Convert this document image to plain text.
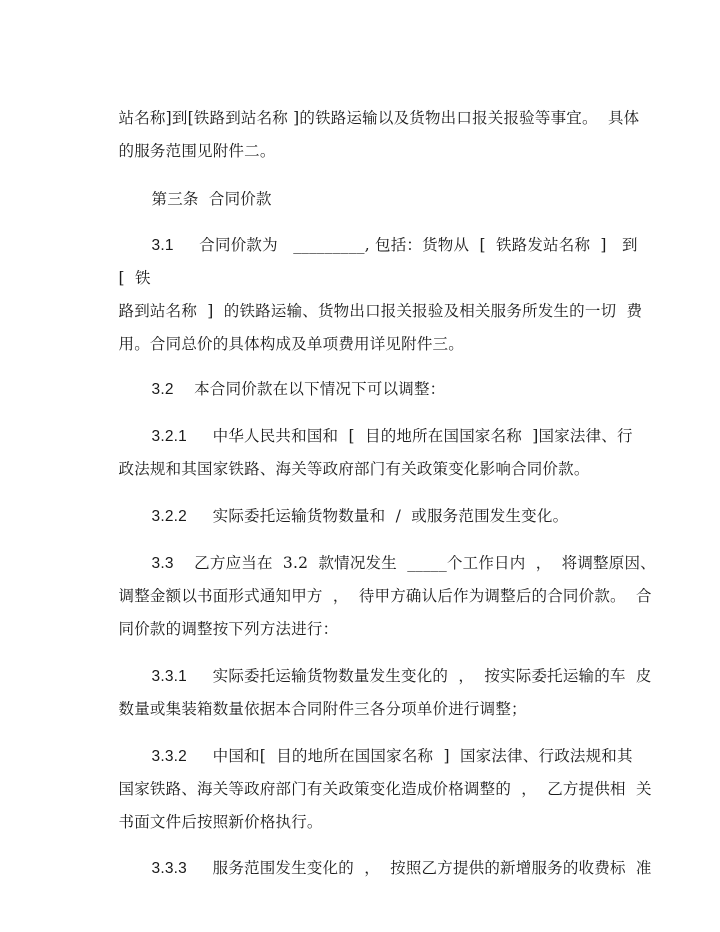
站名称]到[铁路到站名称 ]的铁路运输以及货物出口报关报验等事宜。  具体

的服务范围见附件二。

第三条  合同价款

3.1     合同价款为   _________, 包括：货物从  [  铁路发站名称  ]   到

[  铁

路到站名称  ]  的铁路运输、货物出口报关报验及相关服务所发生的一切  费

用。合同总价的具体构成及单项费用详见附件三。

3.2    本合同价款在以下情况下可以调整：

3.2.1     中华人民共和国和  [  目的地所在国国家名称  ]国家法律、行

政法规和其国家铁路、海关等政府部门有关政策变化影响合同价款。

3.2.2     实际委托运输货物数量和  /  或服务范围发生变化。

3.3    乙方应当在  3.2  款情况发生  _____个工作日内  ，  将调整原因、

调整金额以书面形式通知甲方  ，  待甲方确认后作为调整后的合同价款。  合

同价款的调整按下列方法进行：

3.3.1     实际委托运输货物数量发生变化的  ，  按实际委托运输的车  皮

数量或集装箱数量依据本合同附件三各分项单价进行调整；

3.3.2     中国和[  目的地所在国国家名称  ]  国家法律、行政法规和其

国家铁路、海关等政府部门有关政策变化造成价格调整的  ，  乙方提供相  关

书面文件后按照新价格执行。

3.3.3     服务范围发生变化的  ，  按照乙方提供的新增服务的收费标  准
